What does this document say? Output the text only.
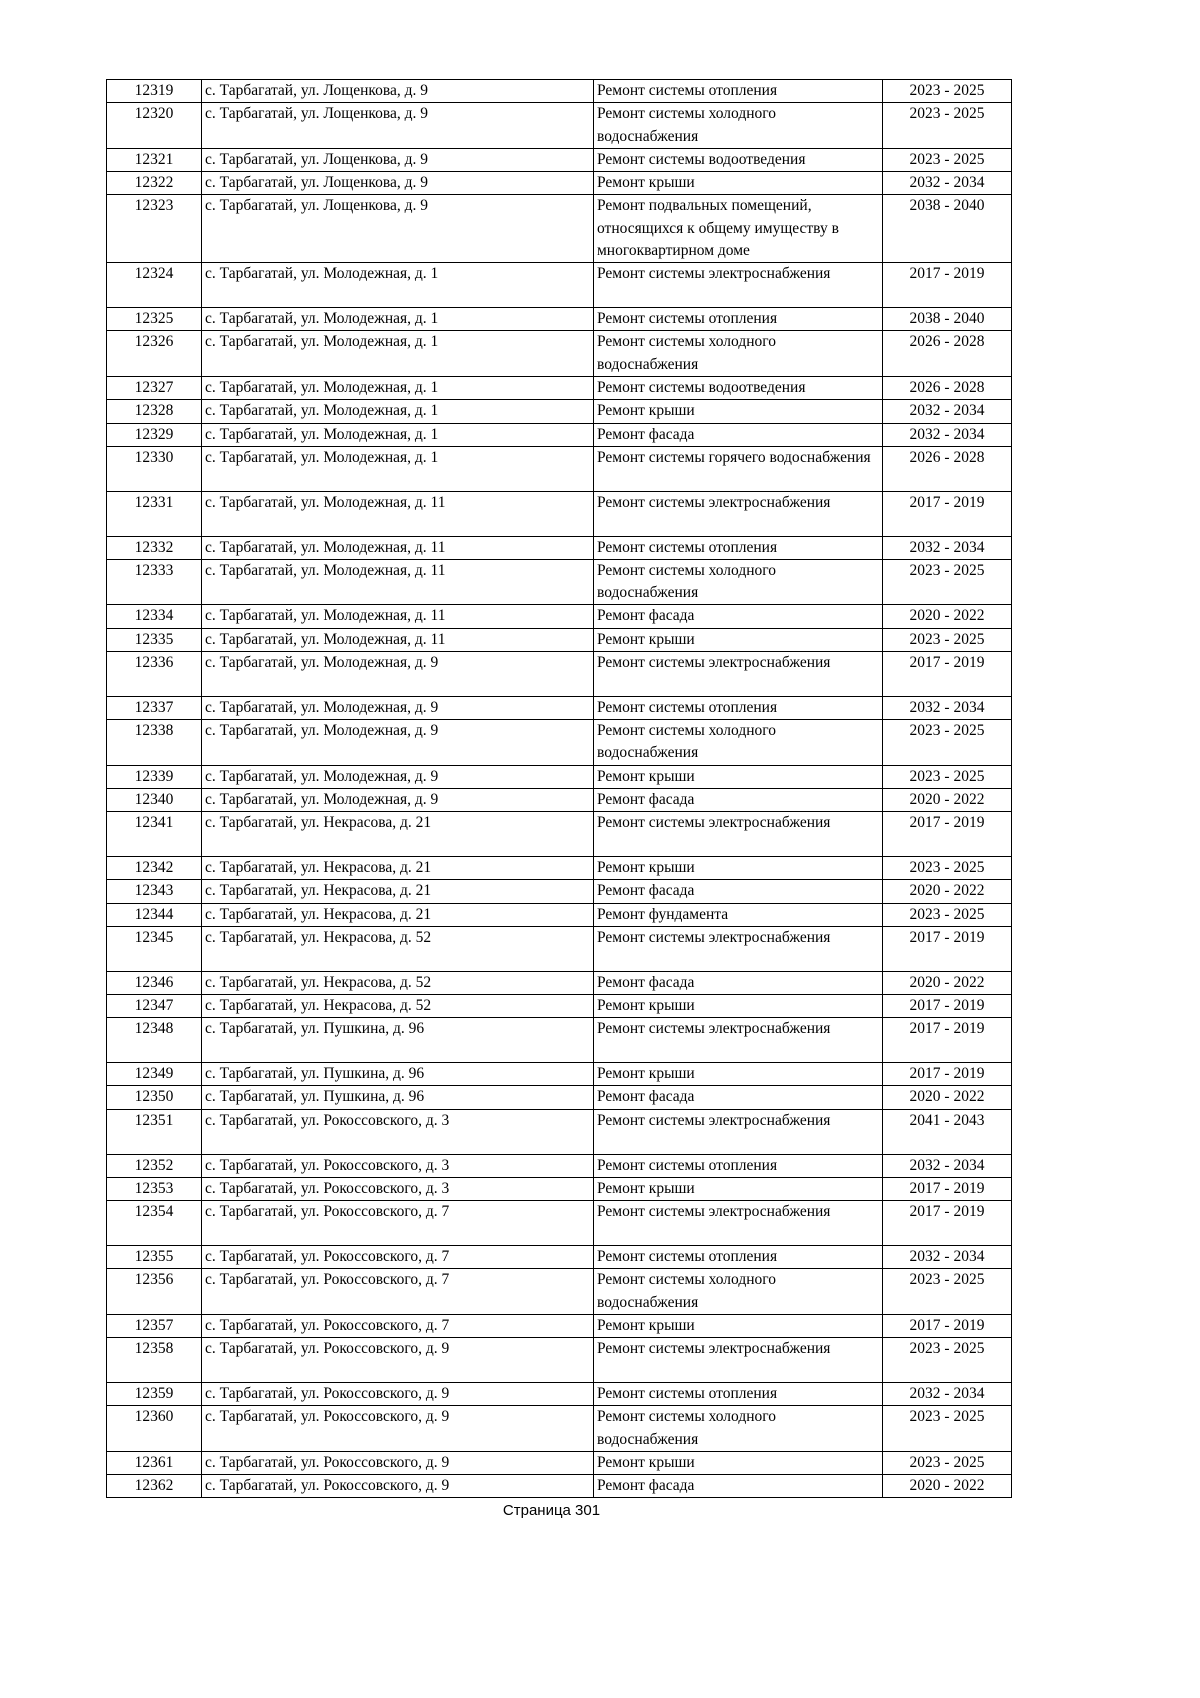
12319	с. Тарбагатай, ул. Лощенкова, д. 9	Ремонт системы отопления	2023 - 2025
12320	с. Тарбагатай, ул. Лощенкова, д. 9	Ремонт системы холодного водоснабжения	2023 - 2025
12321	с. Тарбагатай, ул. Лощенкова, д. 9	Ремонт системы водоотведения	2023 - 2025
12322	с. Тарбагатай, ул. Лощенкова, д. 9	Ремонт крыши	2032 - 2034
12323	с. Тарбагатай, ул. Лощенкова, д. 9	Ремонт подвальных помещений, относящихся к общему имуществу в многоквартирном доме	2038 - 2040
12324	с. Тарбагатай, ул. Молодежная, д. 1	Ремонт системы электроснабжения	2017 - 2019
12325	с. Тарбагатай, ул. Молодежная, д. 1	Ремонт системы отопления	2038 - 2040
12326	с. Тарбагатай, ул. Молодежная, д. 1	Ремонт системы холодного водоснабжения	2026 - 2028
12327	с. Тарбагатай, ул. Молодежная, д. 1	Ремонт системы водоотведения	2026 - 2028
12328	с. Тарбагатай, ул. Молодежная, д. 1	Ремонт крыши	2032 - 2034
12329	с. Тарбагатай, ул. Молодежная, д. 1	Ремонт фасада	2032 - 2034
12330	с. Тарбагатай, ул. Молодежная, д. 1	Ремонт системы горячего водоснабжения	2026 - 2028
12331	с. Тарбагатай, ул. Молодежная, д. 11	Ремонт системы электроснабжения	2017 - 2019
12332	с. Тарбагатай, ул. Молодежная, д. 11	Ремонт системы отопления	2032 - 2034
12333	с. Тарбагатай, ул. Молодежная, д. 11	Ремонт системы холодного водоснабжения	2023 - 2025
12334	с. Тарбагатай, ул. Молодежная, д. 11	Ремонт фасада	2020 - 2022
12335	с. Тарбагатай, ул. Молодежная, д. 11	Ремонт крыши	2023 - 2025
12336	с. Тарбагатай, ул. Молодежная, д. 9	Ремонт системы электроснабжения	2017 - 2019
12337	с. Тарбагатай, ул. Молодежная, д. 9	Ремонт системы отопления	2032 - 2034
12338	с. Тарбагатай, ул. Молодежная, д. 9	Ремонт системы холодного водоснабжения	2023 - 2025
12339	с. Тарбагатай, ул. Молодежная, д. 9	Ремонт крыши	2023 - 2025
12340	с. Тарбагатай, ул. Молодежная, д. 9	Ремонт фасада	2020 - 2022
12341	с. Тарбагатай, ул. Некрасова, д. 21	Ремонт системы электроснабжения	2017 - 2019
12342	с. Тарбагатай, ул. Некрасова, д. 21	Ремонт крыши	2023 - 2025
12343	с. Тарбагатай, ул. Некрасова, д. 21	Ремонт фасада	2020 - 2022
12344	с. Тарбагатай, ул. Некрасова, д. 21	Ремонт фундамента	2023 - 2025
12345	с. Тарбагатай, ул. Некрасова, д. 52	Ремонт системы электроснабжения	2017 - 2019
12346	с. Тарбагатай, ул. Некрасова, д. 52	Ремонт фасада	2020 - 2022
12347	с. Тарбагатай, ул. Некрасова, д. 52	Ремонт крыши	2017 - 2019
12348	с. Тарбагатай, ул. Пушкина, д. 96	Ремонт системы электроснабжения	2017 - 2019
12349	с. Тарбагатай, ул. Пушкина, д. 96	Ремонт крыши	2017 - 2019
12350	с. Тарбагатай, ул. Пушкина, д. 96	Ремонт фасада	2020 - 2022
12351	с. Тарбагатай, ул. Рокоссовского, д. 3	Ремонт системы электроснабжения	2041 - 2043
12352	с. Тарбагатай, ул. Рокоссовского, д. 3	Ремонт системы отопления	2032 - 2034
12353	с. Тарбагатай, ул. Рокоссовского, д. 3	Ремонт крыши	2017 - 2019
12354	с. Тарбагатай, ул. Рокоссовского, д. 7	Ремонт системы электроснабжения	2017 - 2019
12355	с. Тарбагатай, ул. Рокоссовского, д. 7	Ремонт системы отопления	2032 - 2034
12356	с. Тарбагатай, ул. Рокоссовского, д. 7	Ремонт системы холодного водоснабжения	2023 - 2025
12357	с. Тарбагатай, ул. Рокоссовского, д. 7	Ремонт крыши	2017 - 2019
12358	с. Тарбагатай, ул. Рокоссовского, д. 9	Ремонт системы электроснабжения	2023 - 2025
12359	с. Тарбагатай, ул. Рокоссовского, д. 9	Ремонт системы отопления	2032 - 2034
12360	с. Тарбагатай, ул. Рокоссовского, д. 9	Ремонт системы холодного водоснабжения	2023 - 2025
12361	с. Тарбагатай, ул. Рокоссовского, д. 9	Ремонт крыши	2023 - 2025
12362	с. Тарбагатай, ул. Рокоссовского, д. 9	Ремонт фасада	2020 - 2022
Страница 301
